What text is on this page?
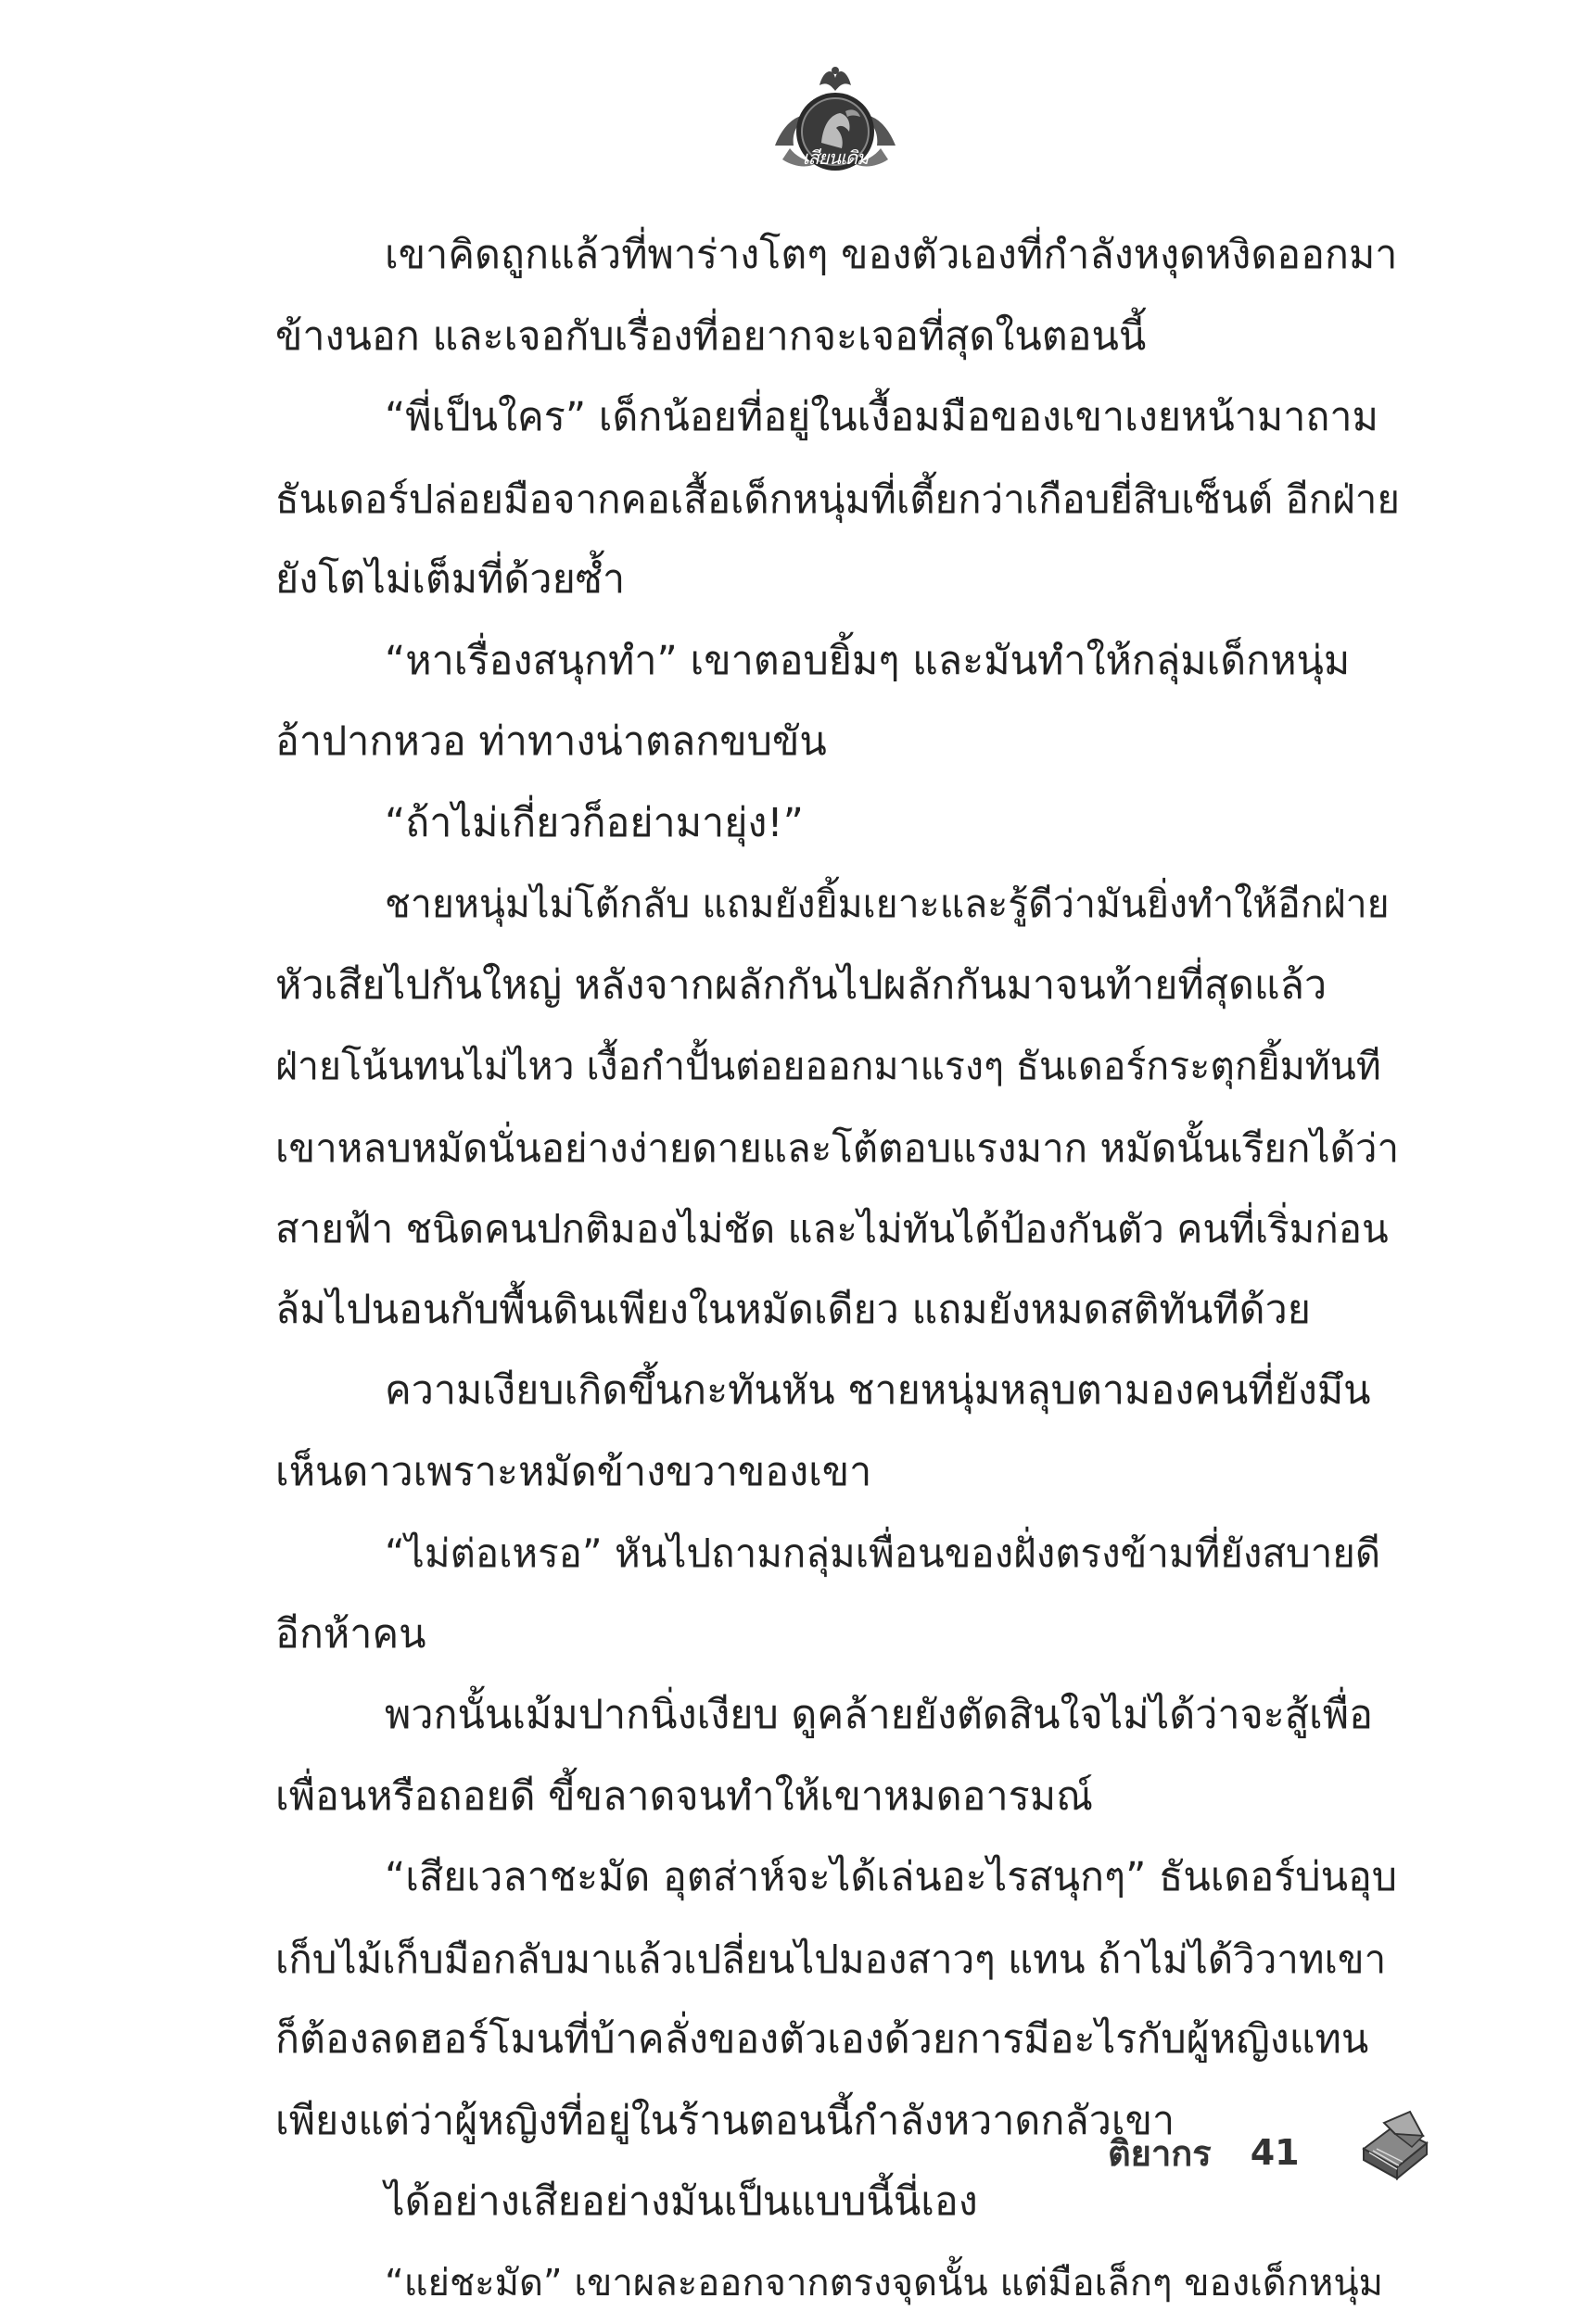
เสียนเดิม
เขาคิดถูกแล้วที่พาร่างโตๆ ของตัวเองที่กำลังหงุดหงิดออกมา
ข้างนอก และเจอกับเรื่องที่อยากจะเจอที่สุดในตอนนี้
“พี่เป็นใคร” เด็กน้อยที่อยู่ในเงื้อมมือของเขาเงยหน้ามาถาม
ธันเดอร์ปล่อยมือจากคอเสื้อเด็กหนุ่มที่เตี้ยกว่าเกือบยี่สิบเซ็นต์ อีกฝ่าย
ยังโตไม่เต็มที่ด้วยซ้ำ
“หาเรื่องสนุกทำ” เขาตอบยิ้มๆ และมันทำให้กลุ่มเด็กหนุ่ม
อ้าปากหวอ ท่าทางน่าตลกขบขัน
“ถ้าไม่เกี่ยวก็อย่ามายุ่ง!”
ชายหนุ่มไม่โต้กลับ แถมยังยิ้มเยาะและรู้ดีว่ามันยิ่งทำให้อีกฝ่าย
หัวเสียไปกันใหญ่ หลังจากผลักกันไปผลักกันมาจนท้ายที่สุดแล้ว
ฝ่ายโน้นทนไม่ไหว เงื้อกำปั้นต่อยออกมาแรงๆ ธันเดอร์กระตุกยิ้มทันที
เขาหลบหมัดนั่นอย่างง่ายดายและโต้ตอบแรงมาก หมัดนั้นเรียกได้ว่า
สายฟ้า ชนิดคนปกติมองไม่ชัด และไม่ทันได้ป้องกันตัว คนที่เริ่มก่อน
ล้มไปนอนกับพื้นดินเพียงในหมัดเดียว แถมยังหมดสติทันทีด้วย
ความเงียบเกิดขึ้นกะทันหัน ชายหนุ่มหลุบตามองคนที่ยังมึน
เห็นดาวเพราะหมัดข้างขวาของเขา
“ไม่ต่อเหรอ” หันไปถามกลุ่มเพื่อนของฝั่งตรงข้ามที่ยังสบายดี
อีกห้าคน
พวกนั้นเม้มปากนิ่งเงียบ ดูคล้ายยังตัดสินใจไม่ได้ว่าจะสู้เพื่อ
เพื่อนหรือถอยดี ขี้ขลาดจนทำให้เขาหมดอารมณ์
“เสียเวลาชะมัด อุตส่าห์จะได้เล่นอะไรสนุกๆ” ธันเดอร์บ่นอุบ
เก็บไม้เก็บมือกลับมาแล้วเปลี่ยนไปมองสาวๆ แทน ถ้าไม่ได้วิวาทเขา
ก็ต้องลดฮอร์โมนที่บ้าคลั่งของตัวเองด้วยการมีอะไรกับผู้หญิงแทน
เพียงแต่ว่าผู้หญิงที่อยู่ในร้านตอนนี้กำลังหวาดกลัวเขา
ได้อย่างเสียอย่างมันเป็นแบบนี้นี่เอง
“แย่ชะมัด” เขาผละออกจากตรงจุดนั้น แต่มือเล็กๆ ของเด็กหนุ่ม
ติยากร 41
